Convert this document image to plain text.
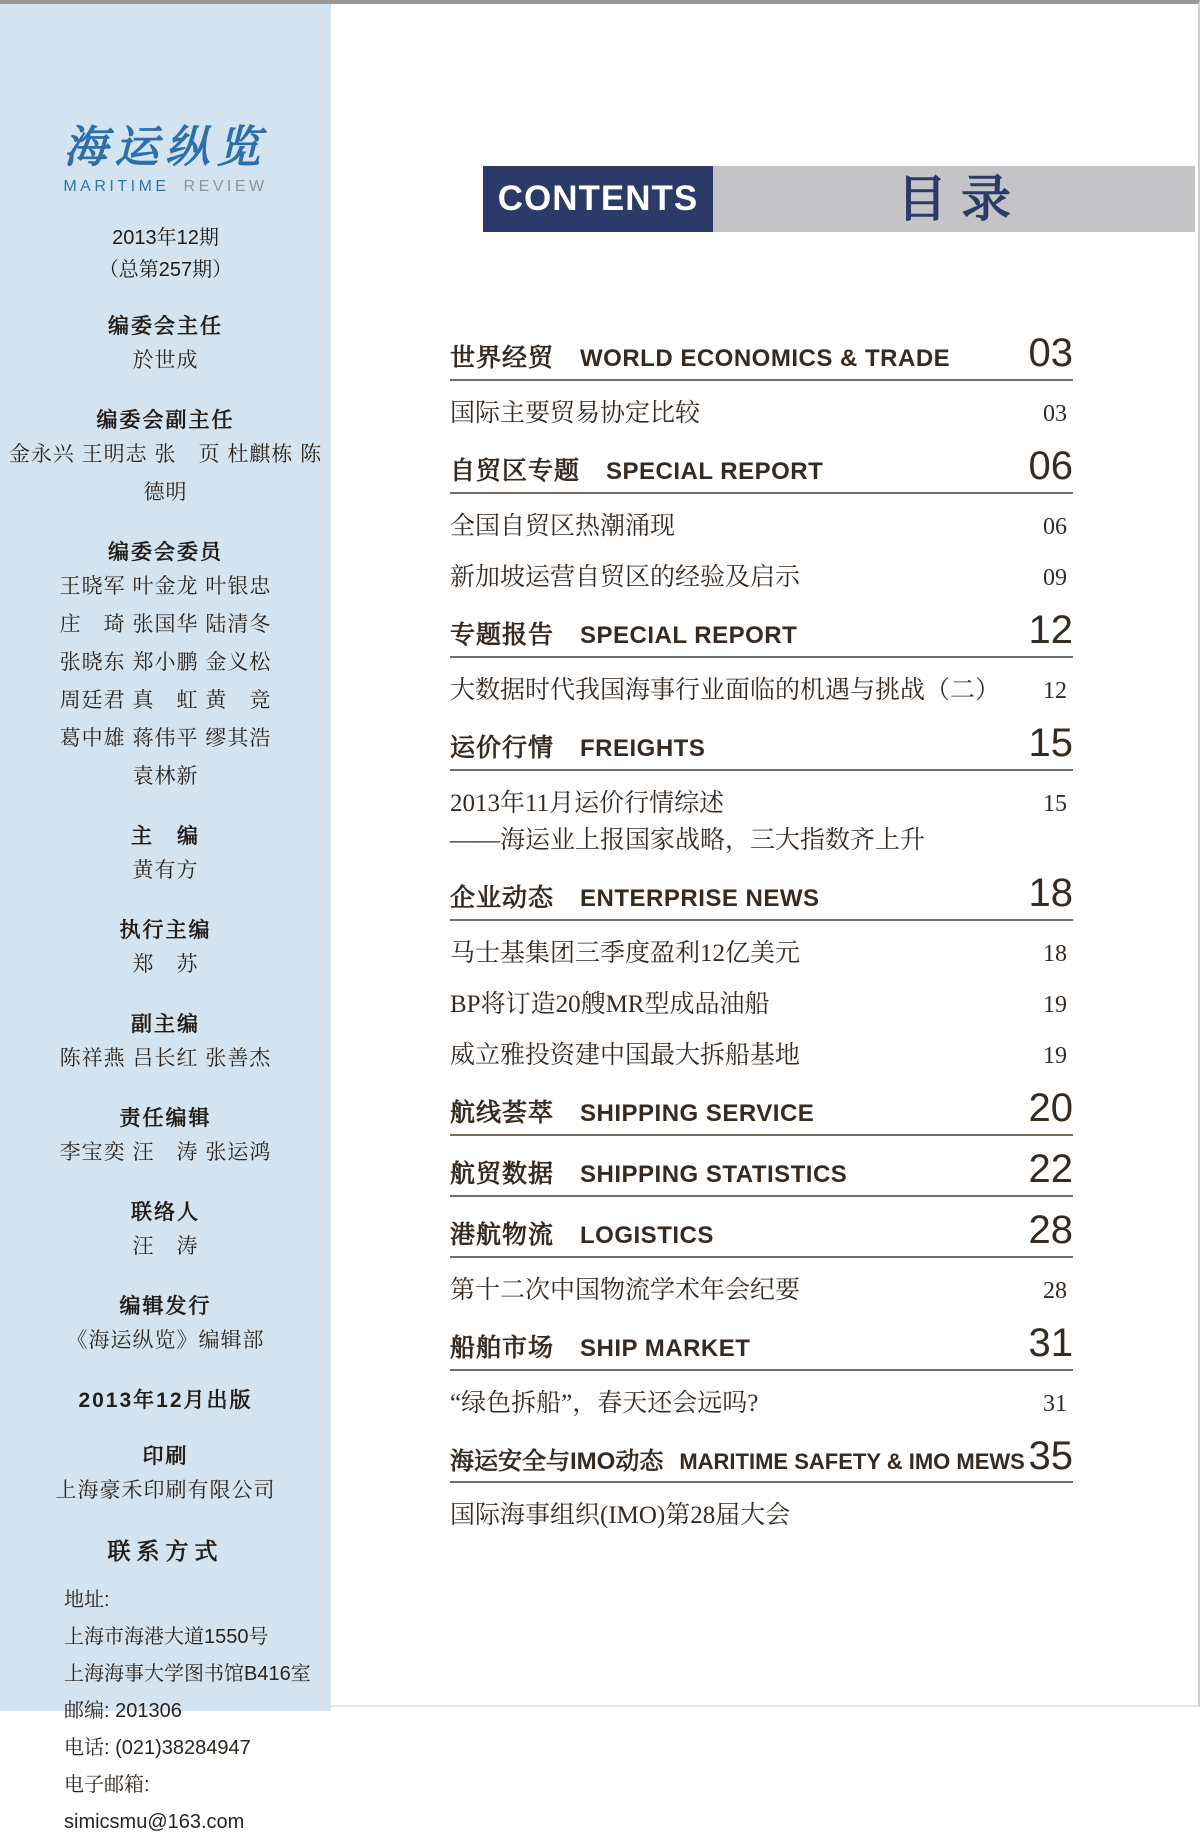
海运纵览
MARITIME REVIEW
2013年12期
（总第257期）
编委会主任
於世成
编委会副主任
金永兴 王明志 张　页 杜麒栋 陈德明
编委会委员
王晓军 叶金龙 叶银忠
庄　琦 张国华 陆清冬
张晓东 郑小鹏 金义松
周廷君 真　虹 黄　竞
葛中雄 蒋伟平 缪其浩
袁林新
主　编
黄有方
执行主编
郑　苏
副主编
陈祥燕 吕长红 张善杰
责任编辑
李宝奕 汪　涛 张运鸿
联络人
汪　涛
编辑发行
《海运纵览》编辑部
2013年12月出版
印刷
上海豪禾印刷有限公司
联系方式
地址:
上海市海港大道1550号
上海海事大学图书馆B416室
邮编: 201306
电话: (021)38284947
电子邮箱:
simicsmu@163.com
CONTENTS	目录
世界经贸 WORLD ECONOMICS & TRADE 03
国际主要贸易协定比较	03
自贸区专题 SPECIAL REPORT	06
全国自贸区热潮涌现	06
新加坡运营自贸区的经验及启示	09
专题报告 SPECIAL REPORT	12
大数据时代我国海事行业面临的机遇与挑战（二） 12
运价行情 FREIGHTS	15
2013年11月运价行情综述
——海运业上报国家战略，三大指数齐上升
15
企业动态 ENTERPRISE NEWS	18
马士基集团三季度盈利12亿美元	18
BP将订造20艘MR型成品油船	19
威立雅投资建中国最大拆船基地	19
航线荟萃 SHIPPING SERVICE	20
航贸数据 SHIPPING STATISTICS	22
港航物流 LOGISTICS	28
第十二次中国物流学术年会纪要	28
船舶市场 SHIP MARKET	31
“绿色拆船”，春天还会远吗?	31
海运安全与IMO动态 MARITIME SAFETY & IMO MEWS 35
国际海事组织(IMO)第28届大会
